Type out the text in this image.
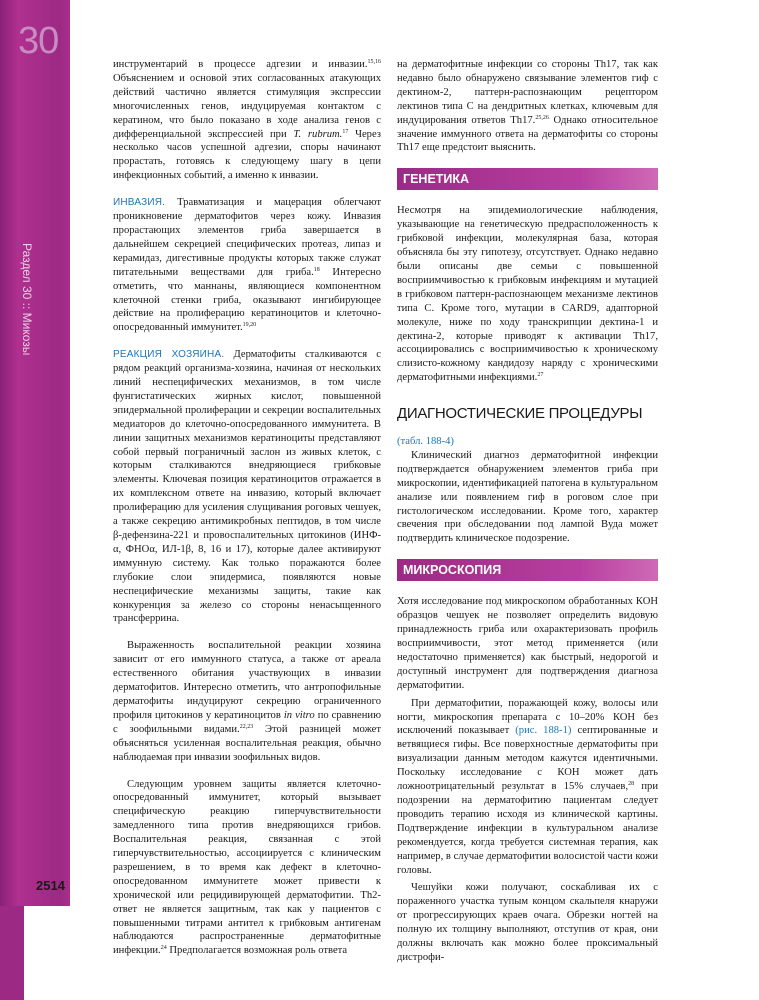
30
Раздел 30 :: Микозы
2514

инструментарий в процессе адгезии и инвазии.$^{15,16}$ Объяснением и основой этих согласованных атакующих действий частично является стимуляция экспрессии многочисленных генов, индуцируемая контактом с кератином, что было показано в ходе анализа генов с дифференциальной экспрессией при T. rubrum.$^{17}$ Через несколько часов успешной адгезии, споры начинают прорастать, готовясь к следующему шагу в цепи инфекционных событий, а именно к инвазии.

ИНВАЗИЯ. Травматизация и мацерация облегчают проникновение дерматофитов через кожу. Инвазия прорастающих элементов гриба завершается в дальнейшем секрецией специфических протеаз, липаз и керамидаз, дигестивные продукты которых также служат питательными веществами для гриба.$^{18}$ Интересно отметить, что маннаны, являющиеся компонентном клеточной стенки гриба, оказывают ингибирующее действие на пролиферацию кератиноцитов и клеточно-опосредованный иммунитет.$^{19,20}$

РЕАКЦИЯ ХОЗЯИНА. Дерматофиты сталкиваются с рядом реакций организма-хозяина, начиная от нескольких линий неспецифических механизмов, в том числе фунгистатических жирных кислот, повышенной эпидермальной пролиферации и секреции воспалительных медиаторов до клеточно-опосредованного иммунитета. В линии защитных механизмов кератиноциты представляют собой первый пограничный заслон из живых клеток, с которым сталкиваются внедряющиеся грибковые элементы. Ключевая позиция кератиноцитов отражается в их комплексном ответе на инвазию, который включает пролиферацию для усиления слущивания роговых чешуек, а также секрецию антимикробных пептидов, в том числе β-дефензина-221 и провоспалительных цитокинов (ИНФ-α, ФНОα, ИЛ-1β, 8, 16 и 17), которые далее активируют иммунную систему. Как только поражаются более глубокие слои эпидермиса, появляются новые неспецифические механизмы защиты, такие как конкуренция за железо со стороны ненасыщенного трансферрина.

Выраженность воспалительной реакции хозяина зависит от его иммунного статуса, а также от ареала естественного обитания участвующих в инвазии дерматофитов. Интересно отметить, что антропофильные дерматофиты индуцируют секрецию ограниченного профиля цитокинов у кератиноцитов in vitro по сравнению с зоофильными видами.$^{22,23}$ Этой разницей может объясняться усиленная воспалительная реакция, обычно наблюдаемая при инвазии зоофильных видов.

Следующим уровнем защиты является клеточно-опосредованный иммунитет, который вызывает специфическую реакцию гиперчувствительности замедленного типа против внедряющихся грибов. Воспалительная реакция, связанная с этой гиперчувствительностью, ассоциируется с клиническим разрешением, в то время как дефект в клеточно-опосредованном иммунитете может привести к хронической или рецидивирующей дерматофитии. Th2-ответ не является защитным, так как у пациентов с повышенными титрами антител к грибковым антигенам наблюдаются распространенные дерматофитные инфекции.$^{24}$ Предполагается возможная роль ответа

на дерматофитные инфекции со стороны Th17, так как недавно было обнаружено связывание элементов гиф с дектином-2, паттерн-распознающим рецептором лектинов типа C на дендритных клетках, ключевым для индуцирования ответов Th17.$^{25,26}$ Однако относительное значение иммунного ответа на дерматофиты со стороны Th17 еще предстоит выяснить.

ГЕНЕТИКА

Несмотря на эпидемиологические наблюдения, указывающие на генетическую предрасположенность к грибковой инфекции, молекулярная база, которая объясняла бы эту гипотезу, отсутствует. Однако недавно были описаны две семьи с повышенной восприимчивостью к грибковым инфекциям и мутацией в грибковом паттерн-распознающем механизме лектинов типа C. Кроме того, мутации в CARD9, адапторной молекуле, ниже по ходу транскрипции дектина-1 и дектина-2, которые приводят к активации Th17, ассоциировались с восприимчивостью к хроническому слизисто-кожному кандидозу наряду с хроническими дерматофитными инфекциями.$^{27}$

ДИАГНОСТИЧЕСКИЕ ПРОЦЕДУРЫ

(табл. 188-4)

Клинический диагноз дерматофитной инфекции подтверждается обнаружением элементов гриба при микроскопии, идентификацией патогена в культуральном анализе или появлением гиф в роговом слое при гистологическом исследовании. Кроме того, характер свечения при обследовании под лампой Вуда может подтвердить клиническое подозрение.

МИКРОСКОПИЯ

Хотя исследование под микроскопом обработанных КОН образцов чешуек не позволяет определить видовую принадлежность гриба или охарактеризовать профиль восприимчивости, этот метод применяется (или недостаточно применяется) как быстрый, недорогой и доступный инструмент для подтверждения диагноза дерматофитии.

При дерматофитии, поражающей кожу, волосы или ногти, микроскопия препарата с 10–20% КОН без исключений показывает (рис. 188-1) септированные и ветвящиеся гифы. Все поверхностные дерматофиты при визуализации данным методом кажутся идентичными. Поскольку исследование с КОН может дать ложноотрицательный результат в 15% случаев,$^{28}$ при подозрении на дерматофитию пациентам следует проводить терапию исходя из клинической картины. Подтверждение инфекции в культуральном анализе рекомендуется, когда требуется системная терапия, как например, в случае дерматофитии волосистой части кожи головы.

Чешуйки кожи получают, соскабливая их с пораженного участка тупым концом скальпеля кнаружи от прогрессирующих краев очага. Обрезки ногтей на полную их толщину выполняют, отступив от края, они должны включать как можно более проксимальный дистрофи-
